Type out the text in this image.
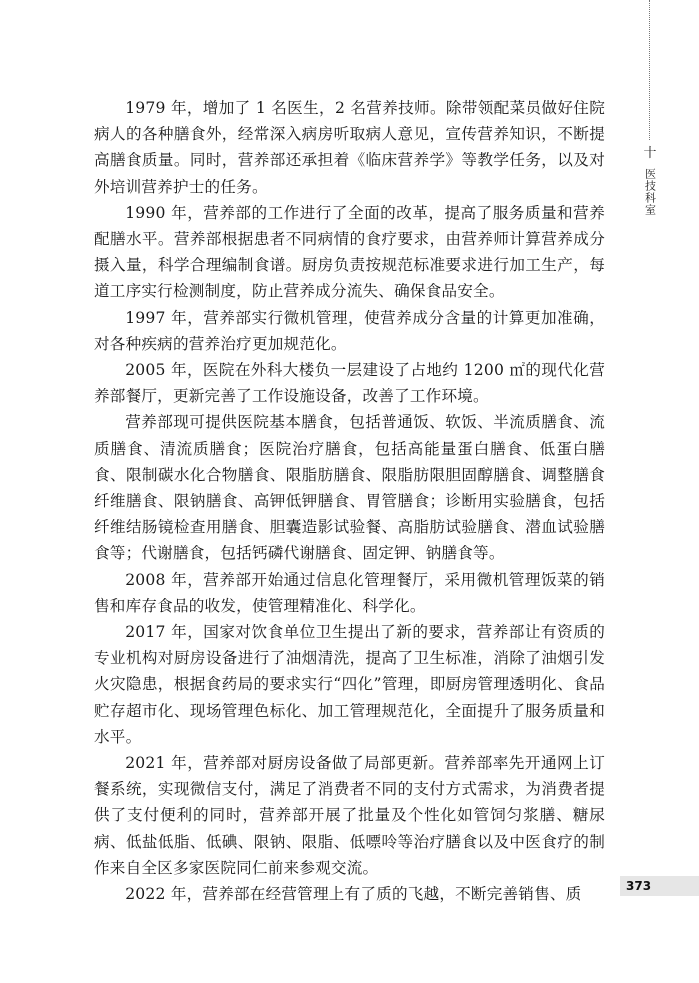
十
医技科室

1979 年，增加了 1 名医生，2 名营养技师。除带领配菜员做好住院病人的各种膳食外，经常深入病房听取病人意见，宣传营养知识，不断提高膳食质量。同时，营养部还承担着《临床营养学》等教学任务，以及对外培训营养护士的任务。

1990 年，营养部的工作进行了全面的改革，提高了服务质量和营养配膳水平。营养部根据患者不同病情的食疗要求，由营养师计算营养成分摄入量，科学合理编制食谱。厨房负责按规范标准要求进行加工生产，每道工序实行检测制度，防止营养成分流失、确保食品安全。

1997 年，营养部实行微机管理，使营养成分含量的计算更加准确，对各种疾病的营养治疗更加规范化。

2005 年，医院在外科大楼负一层建设了占地约 1200 ㎡的现代化营养部餐厅，更新完善了工作设施设备，改善了工作环境。

营养部现可提供医院基本膳食，包括普通饭、软饭、半流质膳食、流质膳食、清流质膳食；医院治疗膳食，包括高能量蛋白膳食、低蛋白膳食、限制碳水化合物膳食、限脂肪膳食、限脂肪限胆固醇膳食、调整膳食纤维膳食、限钠膳食、高钾低钾膳食、胃管膳食；诊断用实验膳食，包括纤维结肠镜检查用膳食、胆囊造影试验餐、高脂肪试验膳食、潜血试验膳食等；代谢膳食，包括钙磷代谢膳食、固定钾、钠膳食等。

2008 年，营养部开始通过信息化管理餐厅，采用微机管理饭菜的销售和库存食品的收发，使管理精准化、科学化。

2017 年，国家对饮食单位卫生提出了新的要求，营养部让有资质的专业机构对厨房设备进行了油烟清洗，提高了卫生标准，消除了油烟引发火灾隐患，根据食药局的要求实行“四化”管理，即厨房管理透明化、食品贮存超市化、现场管理色标化、加工管理规范化，全面提升了服务质量和水平。

2021 年，营养部对厨房设备做了局部更新。营养部率先开通网上订餐系统，实现微信支付，满足了消费者不同的支付方式需求，为消费者提供了支付便利的同时，营养部开展了批量及个性化如管饲匀浆膳、糖尿病、低盐低脂、低碘、限钠、限脂、低嘌呤等治疗膳食以及中医食疗的制作来自全区多家医院同仁前来参观交流。

2022 年，营养部在经营管理上有了质的飞越，不断完善销售、质	373
